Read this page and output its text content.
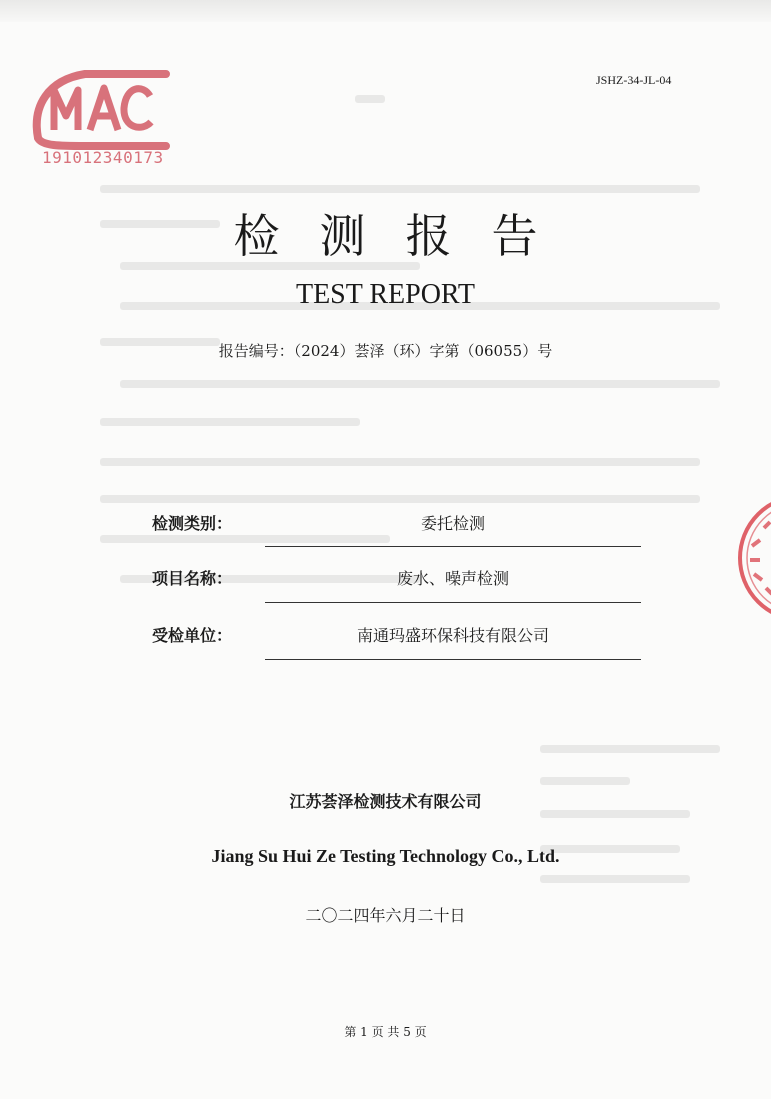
191012340173
JSHZ-34-JL-04
检测报告
TEST REPORT
报告编号：（2024）荟泽（环）字第（06055）号
检测类别：	委托检测
项目名称：	废水、噪声检测
受检单位：	南通玛盛环保科技有限公司
江苏荟泽检测技术有限公司
Jiang Su Hui Ze Testing Technology Co., Ltd.
二〇二四年六月二十日
第 1 页 共 5 页
